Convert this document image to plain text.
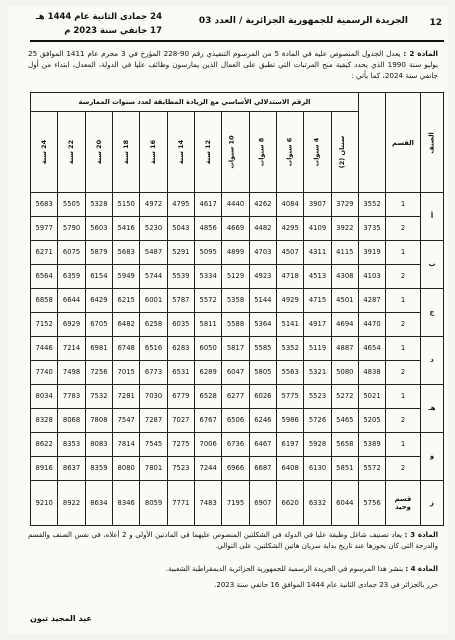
12
الجريدة الرسمية للجمهورية الجزائرية / العدد 03
24 جمادى الثانية عام 1444 هـ
17 جانفي سنة 2023 م
المادة 2 : يعدل الجدول المنصوص عليه في المادة 5 من المرسوم التنفيذي رقم 90-228 المؤرخ في 3 محرم عام 1411 الموافق 25 يوليو سنة 1990 الذي يحدد كيفية منح المرتبات التي تطبق على العمال الذين يمارسون وظائف عليا في الدولة، المعدل، ابتداء من أول جانفي سنة 2024، كما يأتي :
الصنف	القسم		الرقم الاستدلالي الأساسي مع الزيادة المطابقة لعدد سنوات الممارسة											
			سنتان (2)	4 سنوات	6 سنوات	8 سنوات	10 سنوات	12 سنة	14 سنة	16 سنة	18 سنة	20 سنة	22 سنة	24 سنة
أ	1	3552	3729	3907	4084	4262	4440	4617	4795	4972	5150	5328	5505	5683
	2	3735	3922	4109	4295	4482	4669	4856	5043	5230	5416	5603	5790	5977
ب	1	3919	4115	4311	4507	4703	4899	5095	5291	5487	5683	5879	6075	6271
	2	4103	4308	4513	4718	4923	5129	5334	5539	5744	5949	6154	6359	6564
ج	1	4287	4501	4715	4929	5144	5358	5572	5787	6001	6215	6429	6644	6858
	2	4470	4694	4917	5141	5364	5588	5811	6035	6258	6482	6705	6929	7152
د	1	4654	4887	5119	5352	5585	5817	6050	6283	6516	6748	6981	7214	7446
	2	4838	5080	5321	5563	5805	6047	6289	6531	6773	7015	7256	7498	7740
هـ	1	5021	5272	5523	5775	6026	6277	6528	6779	7030	7281	7532	7783	8034
	2	5205	5465	5726	5986	6246	6506	6767	7027	7287	7547	7808	8068	8328
و	1	5389	5658	5928	6197	6467	6736	7006	7275	7545	7814	8083	8353	8622
	2	5572	5851	6130	6408	6687	6966	7244	7523	7801	8080	8359	8637	8916
ز	قسم وحيد	5756	6044	6332	6620	6907	7195	7483	7771	8059	8346	8634	8922	9210
المادة 3 : يعاد تصنيف شاغل وظيفة عليا في الدولة في الشكلتين المنصوص عليهما في المادتين الأولى و 2 أعلاه، في نفس الصنف والقسم والدرجة التي كان يحوزها عند تاريخ بداية سريان هاتين الشكلتين، على التوالي.
المادة 4 : ينشر هذا المرسوم في الجريدة الرسمية للجمهورية الجزائرية الديمقراطية الشعبية.
حرر بالجزائر في 23 جمادى الثانية عام 1444 الموافق 16 جانفي سنة 2023.
عبد المجيد تبون
